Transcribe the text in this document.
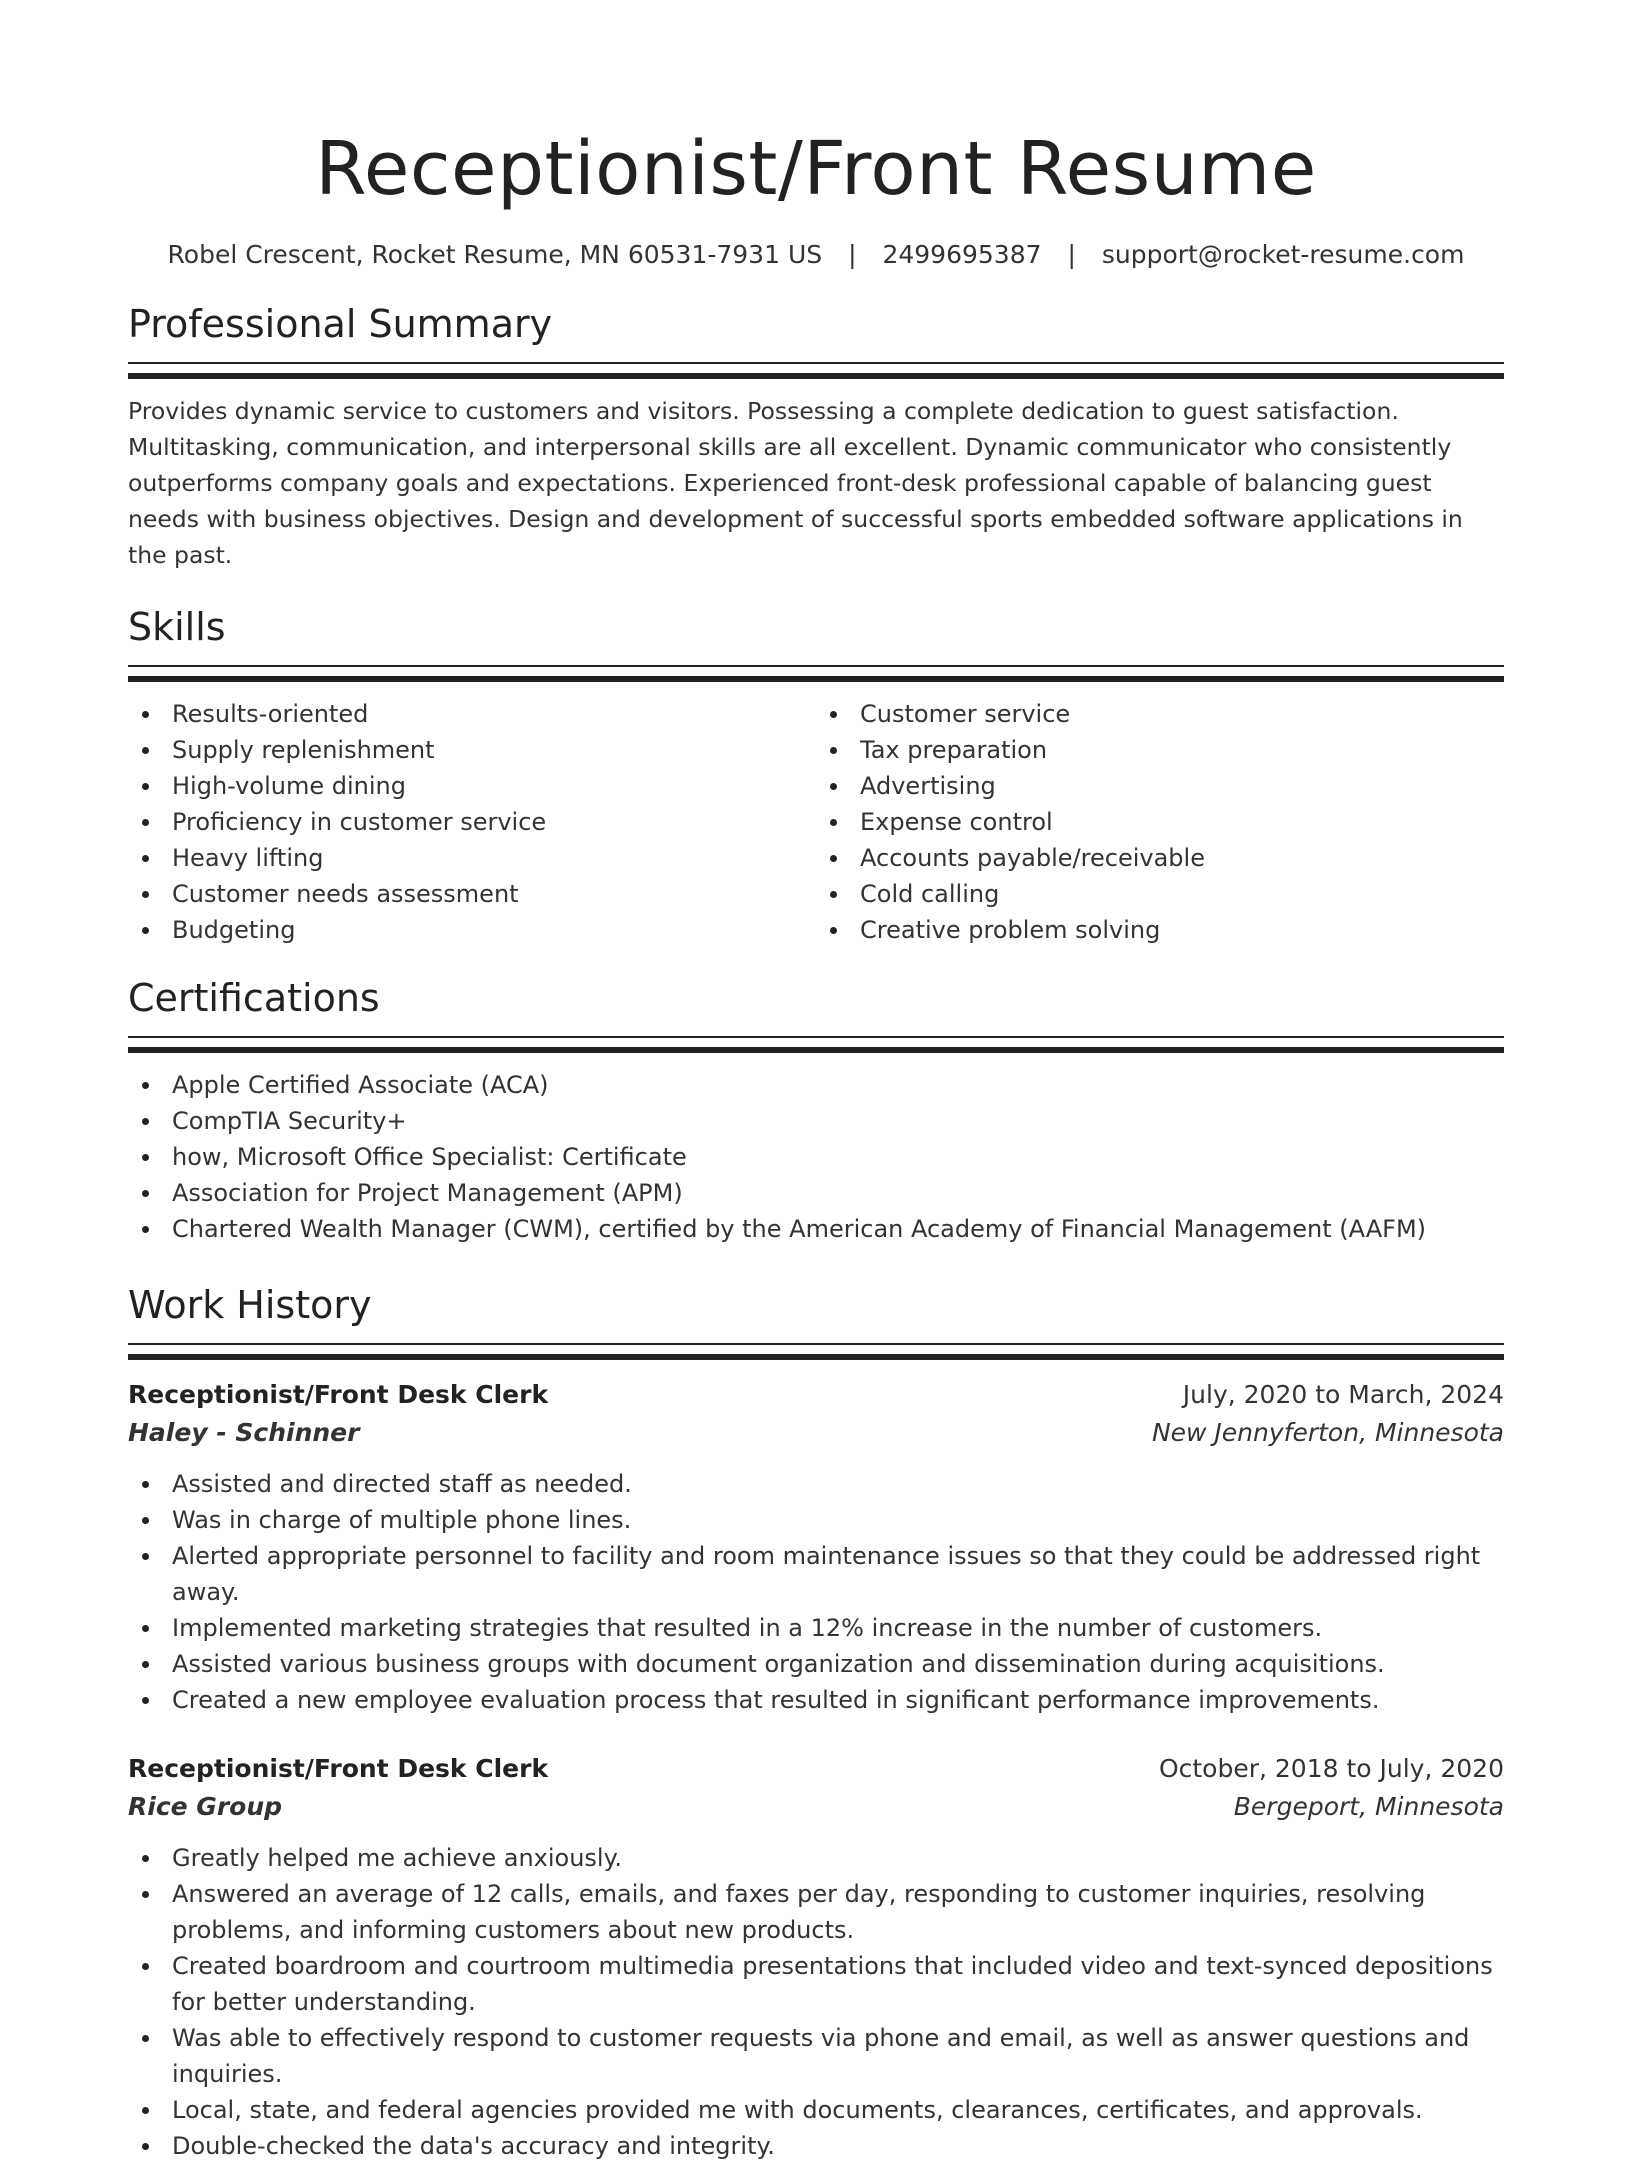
Receptionist/Front Resume
Robel Crescent, Rocket Resume, MN 60531-7931 US | 2499695387 | support@rocket-resume.com
Professional Summary

Provides dynamic service to customers and visitors. Possessing a complete dedication to guest satisfaction. Multitasking, communication, and interpersonal skills are all excellent. Dynamic communicator who consistently outperforms company goals and expectations. Experienced front-desk professional capable of balancing guest needs with business objectives. Design and development of successful sports embedded software applications in the past.

Skills
Results-oriented
Supply replenishment
High-volume dining
Proficiency in customer service
Heavy lifting
Customer needs assessment
Budgeting
Customer service
Tax preparation
Advertising
Expense control
Accounts payable/receivable
Cold calling
Creative problem solving
Certifications
Apple Certified Associate (ACA)
CompTIA Security+
how, Microsoft Office Specialist: Certificate
Association for Project Management (APM)
Chartered Wealth Manager (CWM), certified by the American Academy of Financial Management (AAFM)
Work History
Receptionist/Front Desk Clerk	July, 2020 to March, 2024
Haley - Schinner	New Jennyferton, Minnesota
Assisted and directed staff as needed.
Was in charge of multiple phone lines.
Alerted appropriate personnel to facility and room maintenance issues so that they could be addressed right away.
Implemented marketing strategies that resulted in a 12% increase in the number of customers.
Assisted various business groups with document organization and dissemination during acquisitions.
Created a new employee evaluation process that resulted in significant performance improvements.
Receptionist/Front Desk Clerk	October, 2018 to July, 2020
Rice Group	Bergeport, Minnesota
Greatly helped me achieve anxiously.
Answered an average of 12 calls, emails, and faxes per day, responding to customer inquiries, resolving problems, and informing customers about new products.
Created boardroom and courtroom multimedia presentations that included video and text-synced depositions for better understanding.
Was able to effectively respond to customer requests via phone and email, as well as answer questions and inquiries.
Local, state, and federal agencies provided me with documents, clearances, certificates, and approvals.
Double-checked the data's accuracy and integrity.
